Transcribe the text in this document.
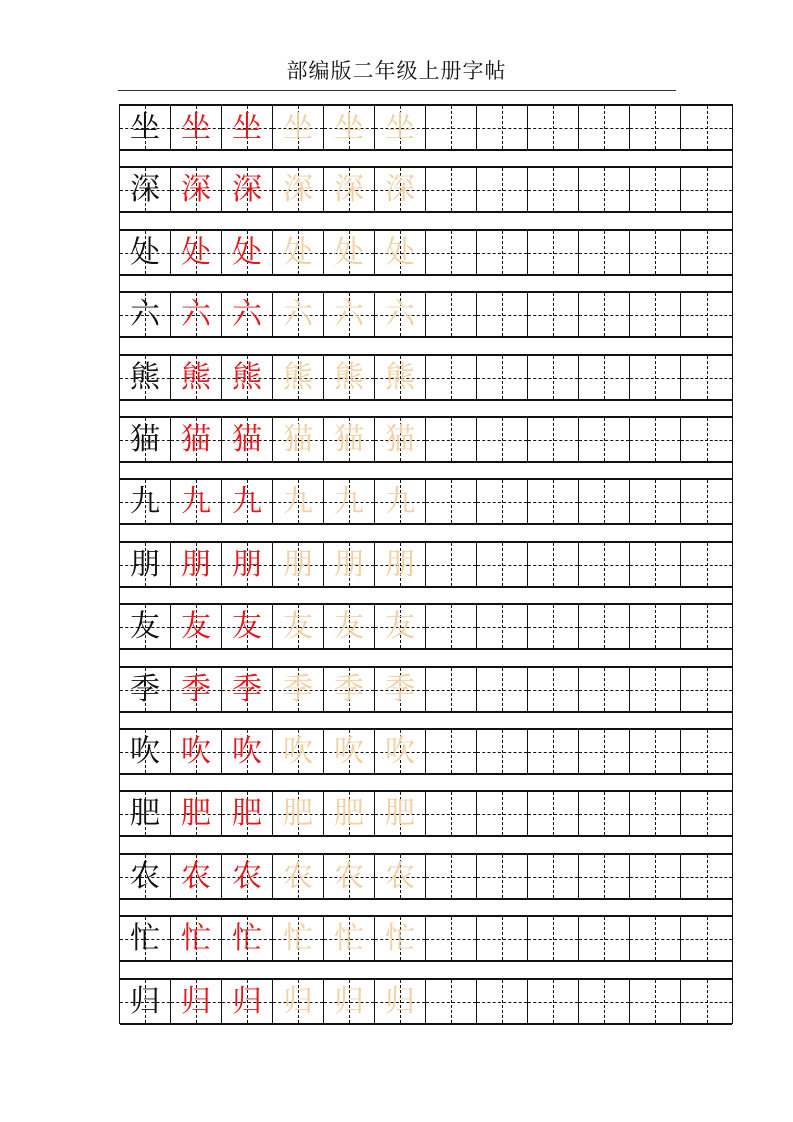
部编版二年级上册字帖
坐 坐 坐 坐 坐 坐
深 深 深 深 深 深
处 处 处 处 处 处
六 六 六 六 六 六
熊 熊 熊 熊 熊 熊
猫 猫 猫 猫 猫 猫
九 九 九 九 九 九
朋 朋 朋 朋 朋 朋
友 友 友 友 友 友
季 季 季 季 季 季
吹 吹 吹 吹 吹 吹
肥 肥 肥 肥 肥 肥
农 农 农 农 农 农
忙 忙 忙 忙 忙 忙
归 归 归 归 归 归
